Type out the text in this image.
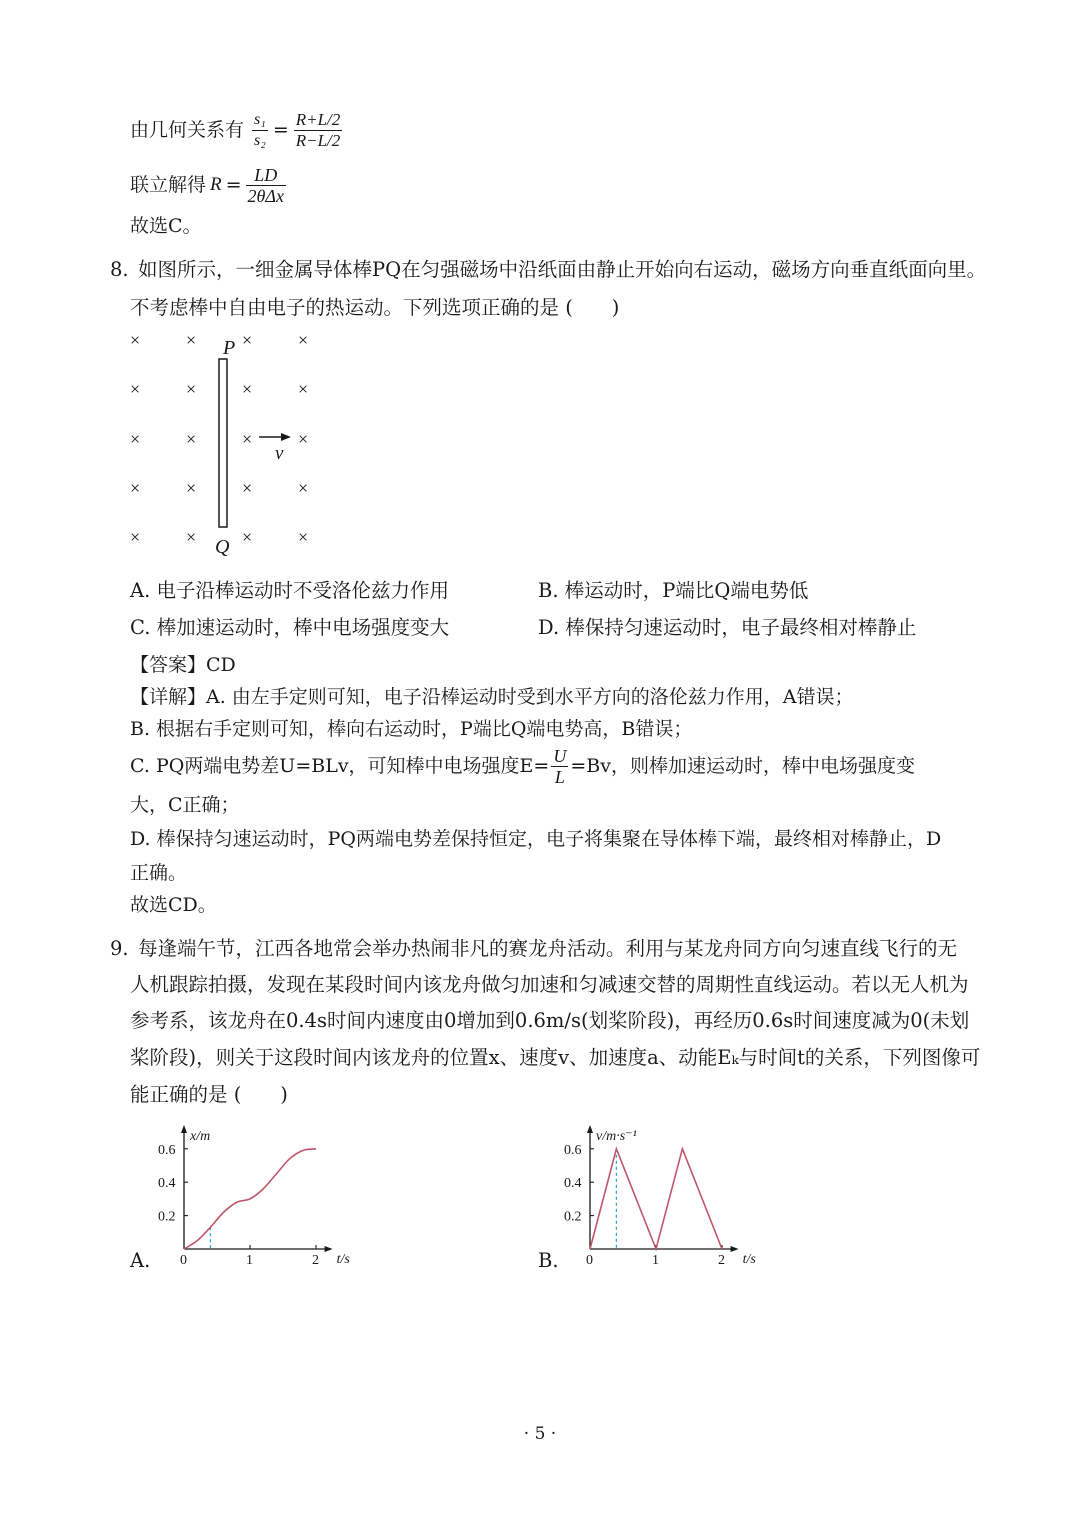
由几何关系有 $\frac{\text{s₁}}{\text{s₂}} = \frac{R+L/2}{R-L/2}$
联立解得 $R = \frac{LD}{\text{2θΔx}}$
故选C。
8. 如图所示，一细金属导体棒PQ在匀强磁场中沿纸面由静止开始向右运动，磁场方向垂直纸面向里。
不考虑棒中自由电子的热运动。下列选项正确的是 (　　)
×	×	×	×
×	×	×	×
×	×	×	×
×	×	×	×
×	×	×	×
P
Q
v
A. 电子沿棒运动时不受洛伦兹力作用	B. 棒运动时，P端比Q端电势低
C. 棒加速运动时，棒中电场强度变大	D. 棒保持匀速运动时，电子最终相对棒静止
【答案】CD
【详解】A. 由左手定则可知，电子沿棒运动时受到水平方向的洛伦兹力作用，A错误；
B. 根据右手定则可知，棒向右运动时，P端比Q端电势高，B错误；
C. PQ两端电势差U=BLv，可知棒中电场强度$E= \frac{U}{L} =Bv$，则棒加速运动时，棒中电场强度变
大，C正确；
D. 棒保持匀速运动时，PQ两端电势差保持恒定，电子将集聚在导体棒下端，最终相对棒静止，D
正确。
故选CD。
9. 每逢端午节，江西各地常会举办热闹非凡的赛龙舟活动。利用与某龙舟同方向匀速直线飞行的无
人机跟踪拍摄，发现在某段时间内该龙舟做匀加速和匀减速交替的周期性直线运动。若以无人机为
参考系，该龙舟在0.4s时间内速度由0增加到0.6m/s(划桨阶段)，再经历0.6s时间速度减为0(未划
桨阶段)，则关于这段时间内该龙舟的位置x、速度v、加速度a、动能Eₖ与时间t的关系，下列图像可
能正确的是 (　　)
A.
x/m
t/s
0	1	2
0.2
0.4
0.6
B.
v/m·s⁻¹
t/s
0	1	2
0.2
0.4
0.6
· 5 ·
